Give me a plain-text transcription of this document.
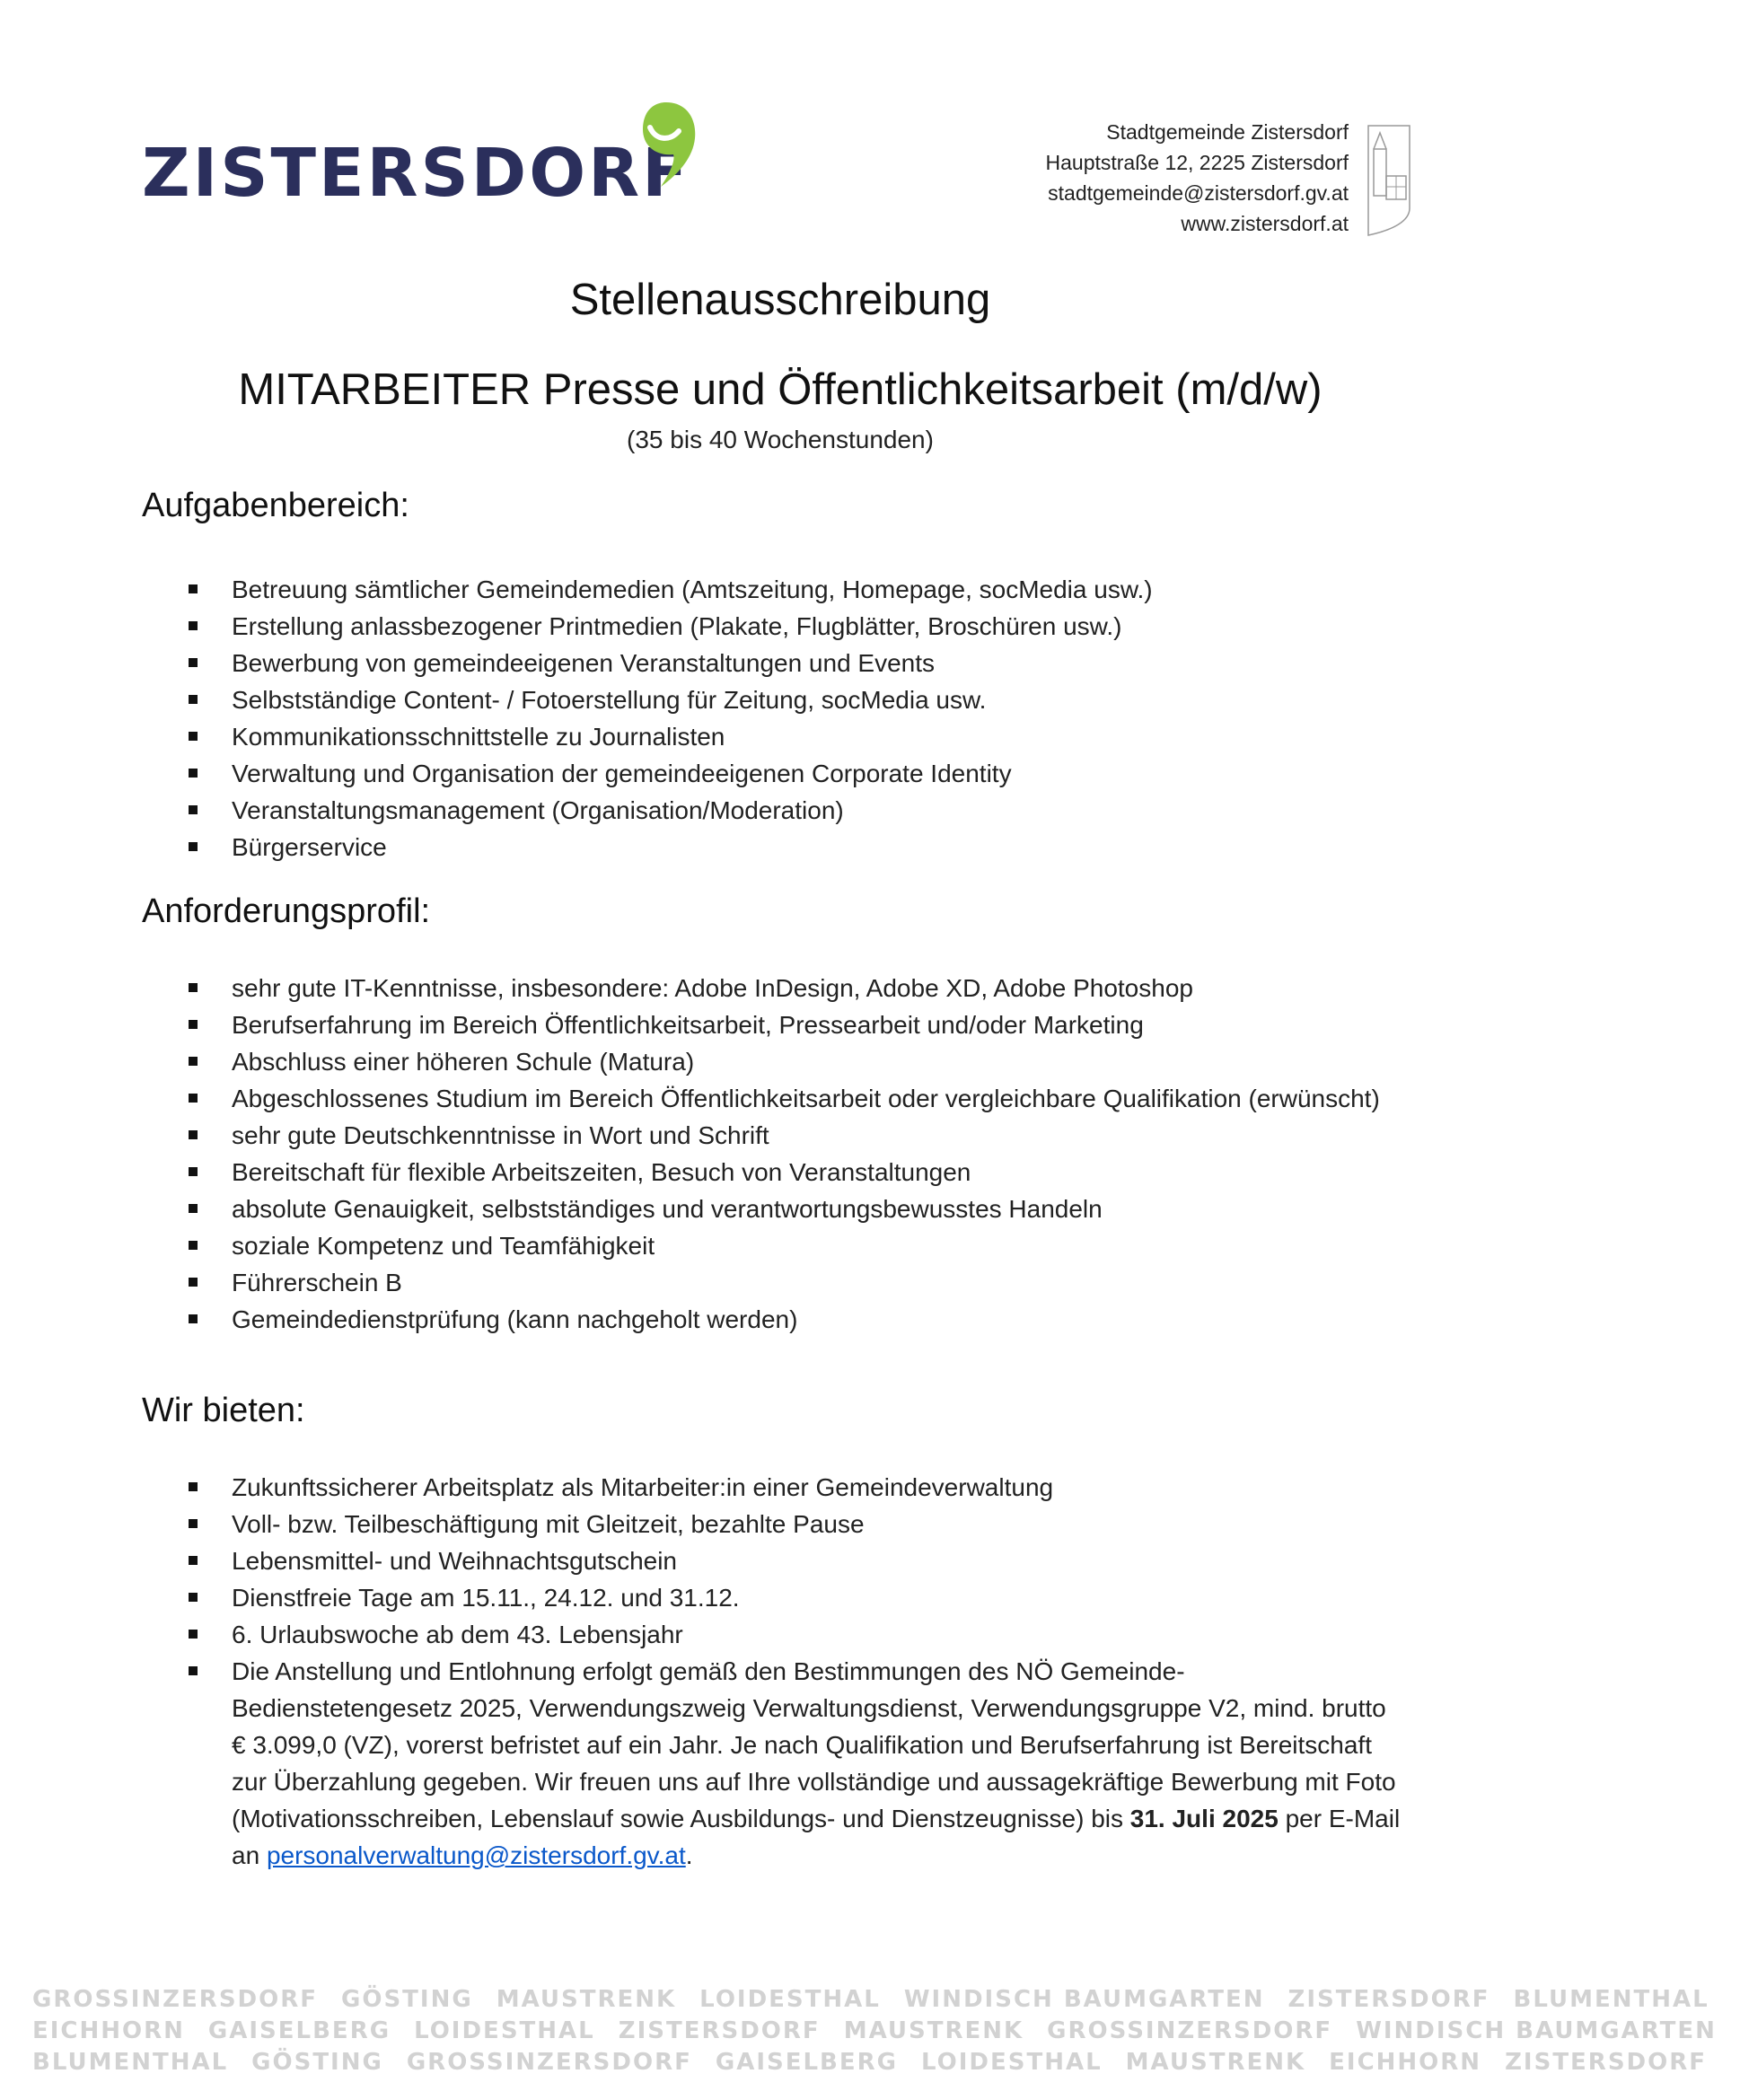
ZISTERSDORF
Stadtgemeinde Zistersdorf
Hauptstraße 12, 2225 Zistersdorf
stadtgemeinde@zistersdorf.gv.at
www.zistersdorf.at
Stellenausschreibung
MITARBEITER Presse und Öffentlichkeitsarbeit (m/d/w)
(35 bis 40 Wochenstunden)
Aufgabenbereich:
Betreuung sämtlicher Gemeindemedien (Amtszeitung, Homepage, socMedia usw.)
Erstellung anlassbezogener Printmedien (Plakate, Flugblätter, Broschüren usw.)
Bewerbung von gemeindeeigenen Veranstaltungen und Events
Selbstständige Content- / Fotoerstellung für Zeitung, socMedia usw.
Kommunikationsschnittstelle zu Journalisten
Verwaltung und Organisation der gemeindeeigenen Corporate Identity
Veranstaltungsmanagement (Organisation/Moderation)
Bürgerservice
Anforderungsprofil:
sehr gute IT-Kenntnisse, insbesondere: Adobe InDesign, Adobe XD, Adobe Photoshop
Berufserfahrung im Bereich Öffentlichkeitsarbeit, Pressearbeit und/oder Marketing
Abschluss einer höheren Schule (Matura)
Abgeschlossenes Studium im Bereich Öffentlichkeitsarbeit oder vergleichbare Qualifikation (erwünscht)
sehr gute Deutschkenntnisse in Wort und Schrift
Bereitschaft für flexible Arbeitszeiten, Besuch von Veranstaltungen
absolute Genauigkeit, selbstständiges und verantwortungsbewusstes Handeln
soziale Kompetenz und Teamfähigkeit
Führerschein B
Gemeindedienstprüfung (kann nachgeholt werden)
Wir bieten:
Zukunftssicherer Arbeitsplatz als Mitarbeiter:in einer Gemeindeverwaltung
Voll- bzw. Teilbeschäftigung mit Gleitzeit, bezahlte Pause
Lebensmittel- und Weihnachtsgutschein
Dienstfreie Tage am 15.11., 24.12. und 31.12.
6. Urlaubswoche ab dem 43. Lebensjahr
Die Anstellung und Entlohnung erfolgt gemäß den Bestimmungen des NÖ Gemeinde-Bedienstetengesetz 2025, Verwendungszweig Verwaltungsdienst, Verwendungsgruppe V2, mind. brutto € 3.099,0 (VZ), vorerst befristet auf ein Jahr. Je nach Qualifikation und Berufserfahrung ist Bereitschaft zur Überzahlung gegeben. Wir freuen uns auf Ihre vollständige und aussagekräftige Bewerbung mit Foto (Motivationsschreiben, Lebenslauf sowie Ausbildungs- und Dienstzeugnisse) bis 31. Juli 2025 per E-Mail an personalverwaltung@zistersdorf.gv.at.
GROSSINZERSDORF GÖSTING MAUSTRENK LOIDESTHAL WINDISCH BAUMGARTEN ZISTERSDORF BLUMENTHAL
EICHHORN GAISELBERG LOIDESTHAL ZISTERSDORF MAUSTRENK GROSSINZERSDORF WINDISCH BAUMGARTEN
BLUMENTHAL GÖSTING GROSSINZERSDORF GAISELBERG LOIDESTHAL MAUSTRENK EICHHORN ZISTERSDORF
